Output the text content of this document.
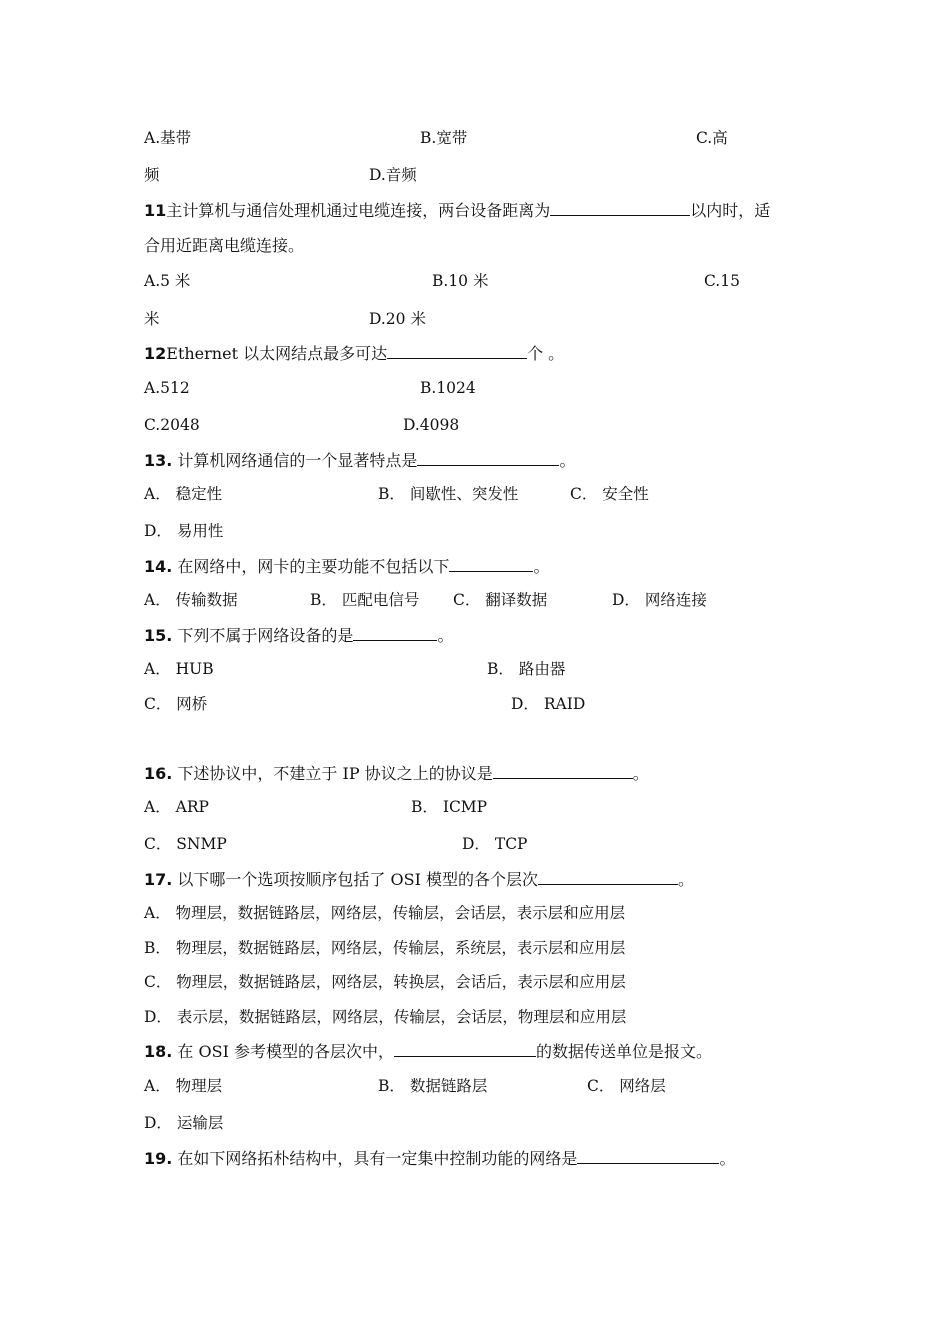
A.基带	B.宽带	C.高
频	D.音频
11主计算机与通信处理机通过电缆连接，两台设备距离为	以内时，适
合用近距离电缆连接。
A.5 米	B.10 米	C.15
米	D.20 米
12Ethernet 以太网结点最多可达	个 。
A.512	B.1024
C.2048	D.4098
13. 计算机网络通信的一个显著特点是	。
A． 稳定性	B． 间歇性、突发性	C． 安全性
D． 易用性
14. 在网络中，网卡的主要功能不包括以下	。
A． 传输数据	B． 匹配电信号 C． 翻译数据	D． 网络连接
15. 下列不属于网络设备的是	。
A． HUB	B． 路由器
C． 网桥	D． RAID
16. 下述协议中，不建立于 IP 协议之上的协议是	。
A． ARP	B． ICMP
C． SNMP	D． TCP
17. 以下哪一个选项按顺序包括了 OSI 模型的各个层次	。
A． 物理层，数据链路层，网络层，传输层，会话层，表示层和应用层
B． 物理层，数据链路层，网络层，传输层，系统层，表示层和应用层
C． 物理层，数据链路层，网络层，转换层，会话后，表示层和应用层
D． 表示层，数据链路层，网络层，传输层，会话层，物理层和应用层
18. 在 OSI 参考模型的各层次中，	的数据传送单位是报文。
A． 物理层	B． 数据链路层	C． 网络层
D． 运输层
19. 在如下网络拓朴结构中，具有一定集中控制功能的网络是	。
